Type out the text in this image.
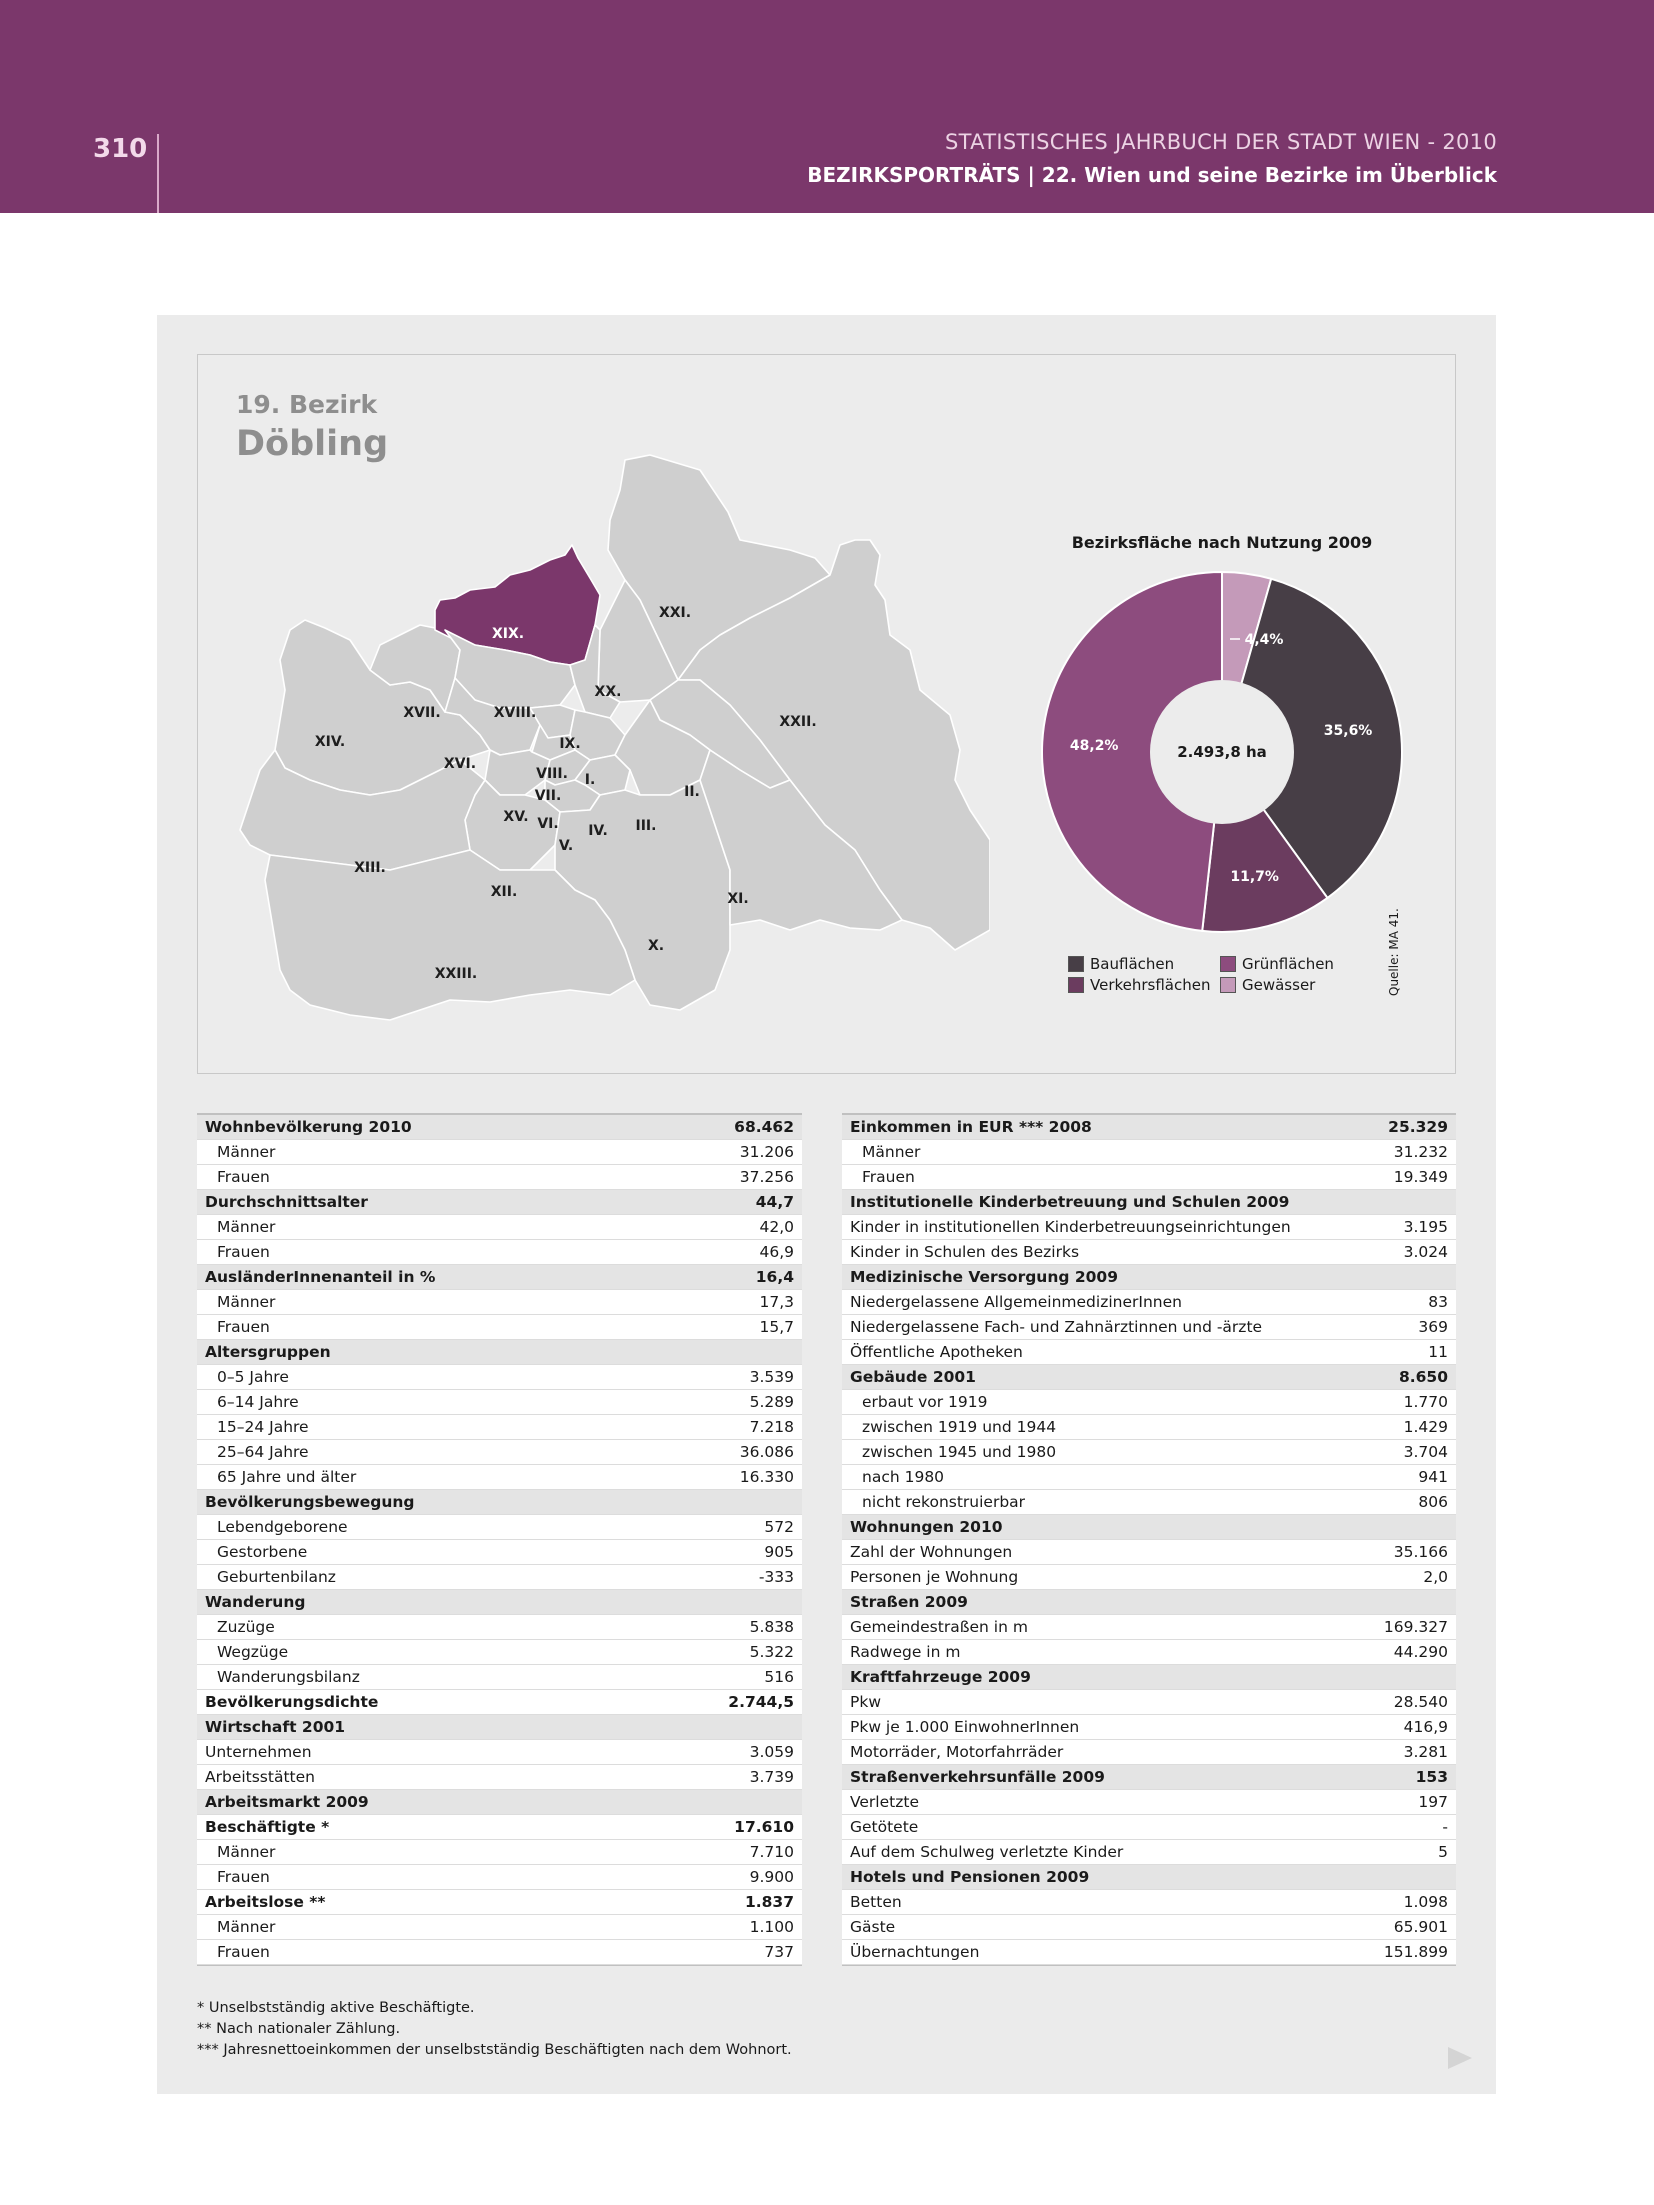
310	STATISTISCHES JAHRBUCH DER STADT WIEN - 2010
BEZIRKSPORTRÄTS | 22. Wien und seine Bezirke im Überblick
19. Bezirk
Döbling
XIX.
XXI.
XX.
XVII.	XVIII.
XIV.	IX.
XXII.
XVI.
VIII. I.
VII.	II.
XV. VI. IV. III.
V.
XIII.
XII.	XI.
X.
XXIII.
Bezirksfläche nach Nutzung 2009
2.493,8 ha
4,4%
35,6%
11,7%
48,2%
Bauflächen	Grünflächen
Verkehrsflächen Gewässer	Quelle: MA 41.
Wohnbevölkerung 2010	68.462
Männer	31.206
Frauen	37.256
Durchschnittsalter	44,7
Männer	42,0
Frauen	46,9
AusländerInnenanteil in %	16,4
Männer	17,3
Frauen	15,7
Altersgruppen
0–5 Jahre	3.539
6–14 Jahre	5.289
15–24 Jahre	7.218
25–64 Jahre	36.086
65 Jahre und älter	16.330
Bevölkerungsbewegung
Lebendgeborene	572
Gestorbene	905
Geburtenbilanz	-333
Wanderung
Zuzüge	5.838
Wegzüge	5.322
Wanderungsbilanz	516
Bevölkerungsdichte	2.744,5
Wirtschaft 2001
Unternehmen	3.059
Arbeitsstätten	3.739
Arbeitsmarkt 2009
Beschäftigte *	17.610
Männer	7.710
Frauen	9.900
Arbeitslose **	1.837
Männer	1.100
Frauen	737
Einkommen in EUR *** 2008	25.329
Männer	31.232
Frauen	19.349
Institutionelle Kinderbetreuung und Schulen 2009
Kinder in institutionellen Kinderbetreuungseinrichtungen	3.195
Kinder in Schulen des Bezirks	3.024
Medizinische Versorgung 2009
Niedergelassene AllgemeinmedizinerInnen	83
Niedergelassene Fach- und Zahnärztinnen und -ärzte	369
Öffentliche Apotheken	11
Gebäude 2001	8.650
erbaut vor 1919	1.770
zwischen 1919 und 1944	1.429
zwischen 1945 und 1980	3.704
nach 1980	941
nicht rekonstruierbar	806
Wohnungen 2010
Zahl der Wohnungen	35.166
Personen je Wohnung	2,0
Straßen 2009
Gemeindestraßen in m	169.327
Radwege in m	44.290
Kraftfahrzeuge 2009
Pkw	28.540
Pkw je 1.000 EinwohnerInnen	416,9
Motorräder, Motorfahrräder	3.281
Straßenverkehrsunfälle 2009	153
Verletzte	197
Getötete	-
Auf dem Schulweg verletzte Kinder	5
Hotels und Pensionen 2009
Betten	1.098
Gäste	65.901
Übernachtungen	151.899
* Unselbstständig aktive Beschäftigte.
** Nach nationaler Zählung.
*** Jahresnettoeinkommen der unselbstständig Beschäftigten nach dem Wohnort.
